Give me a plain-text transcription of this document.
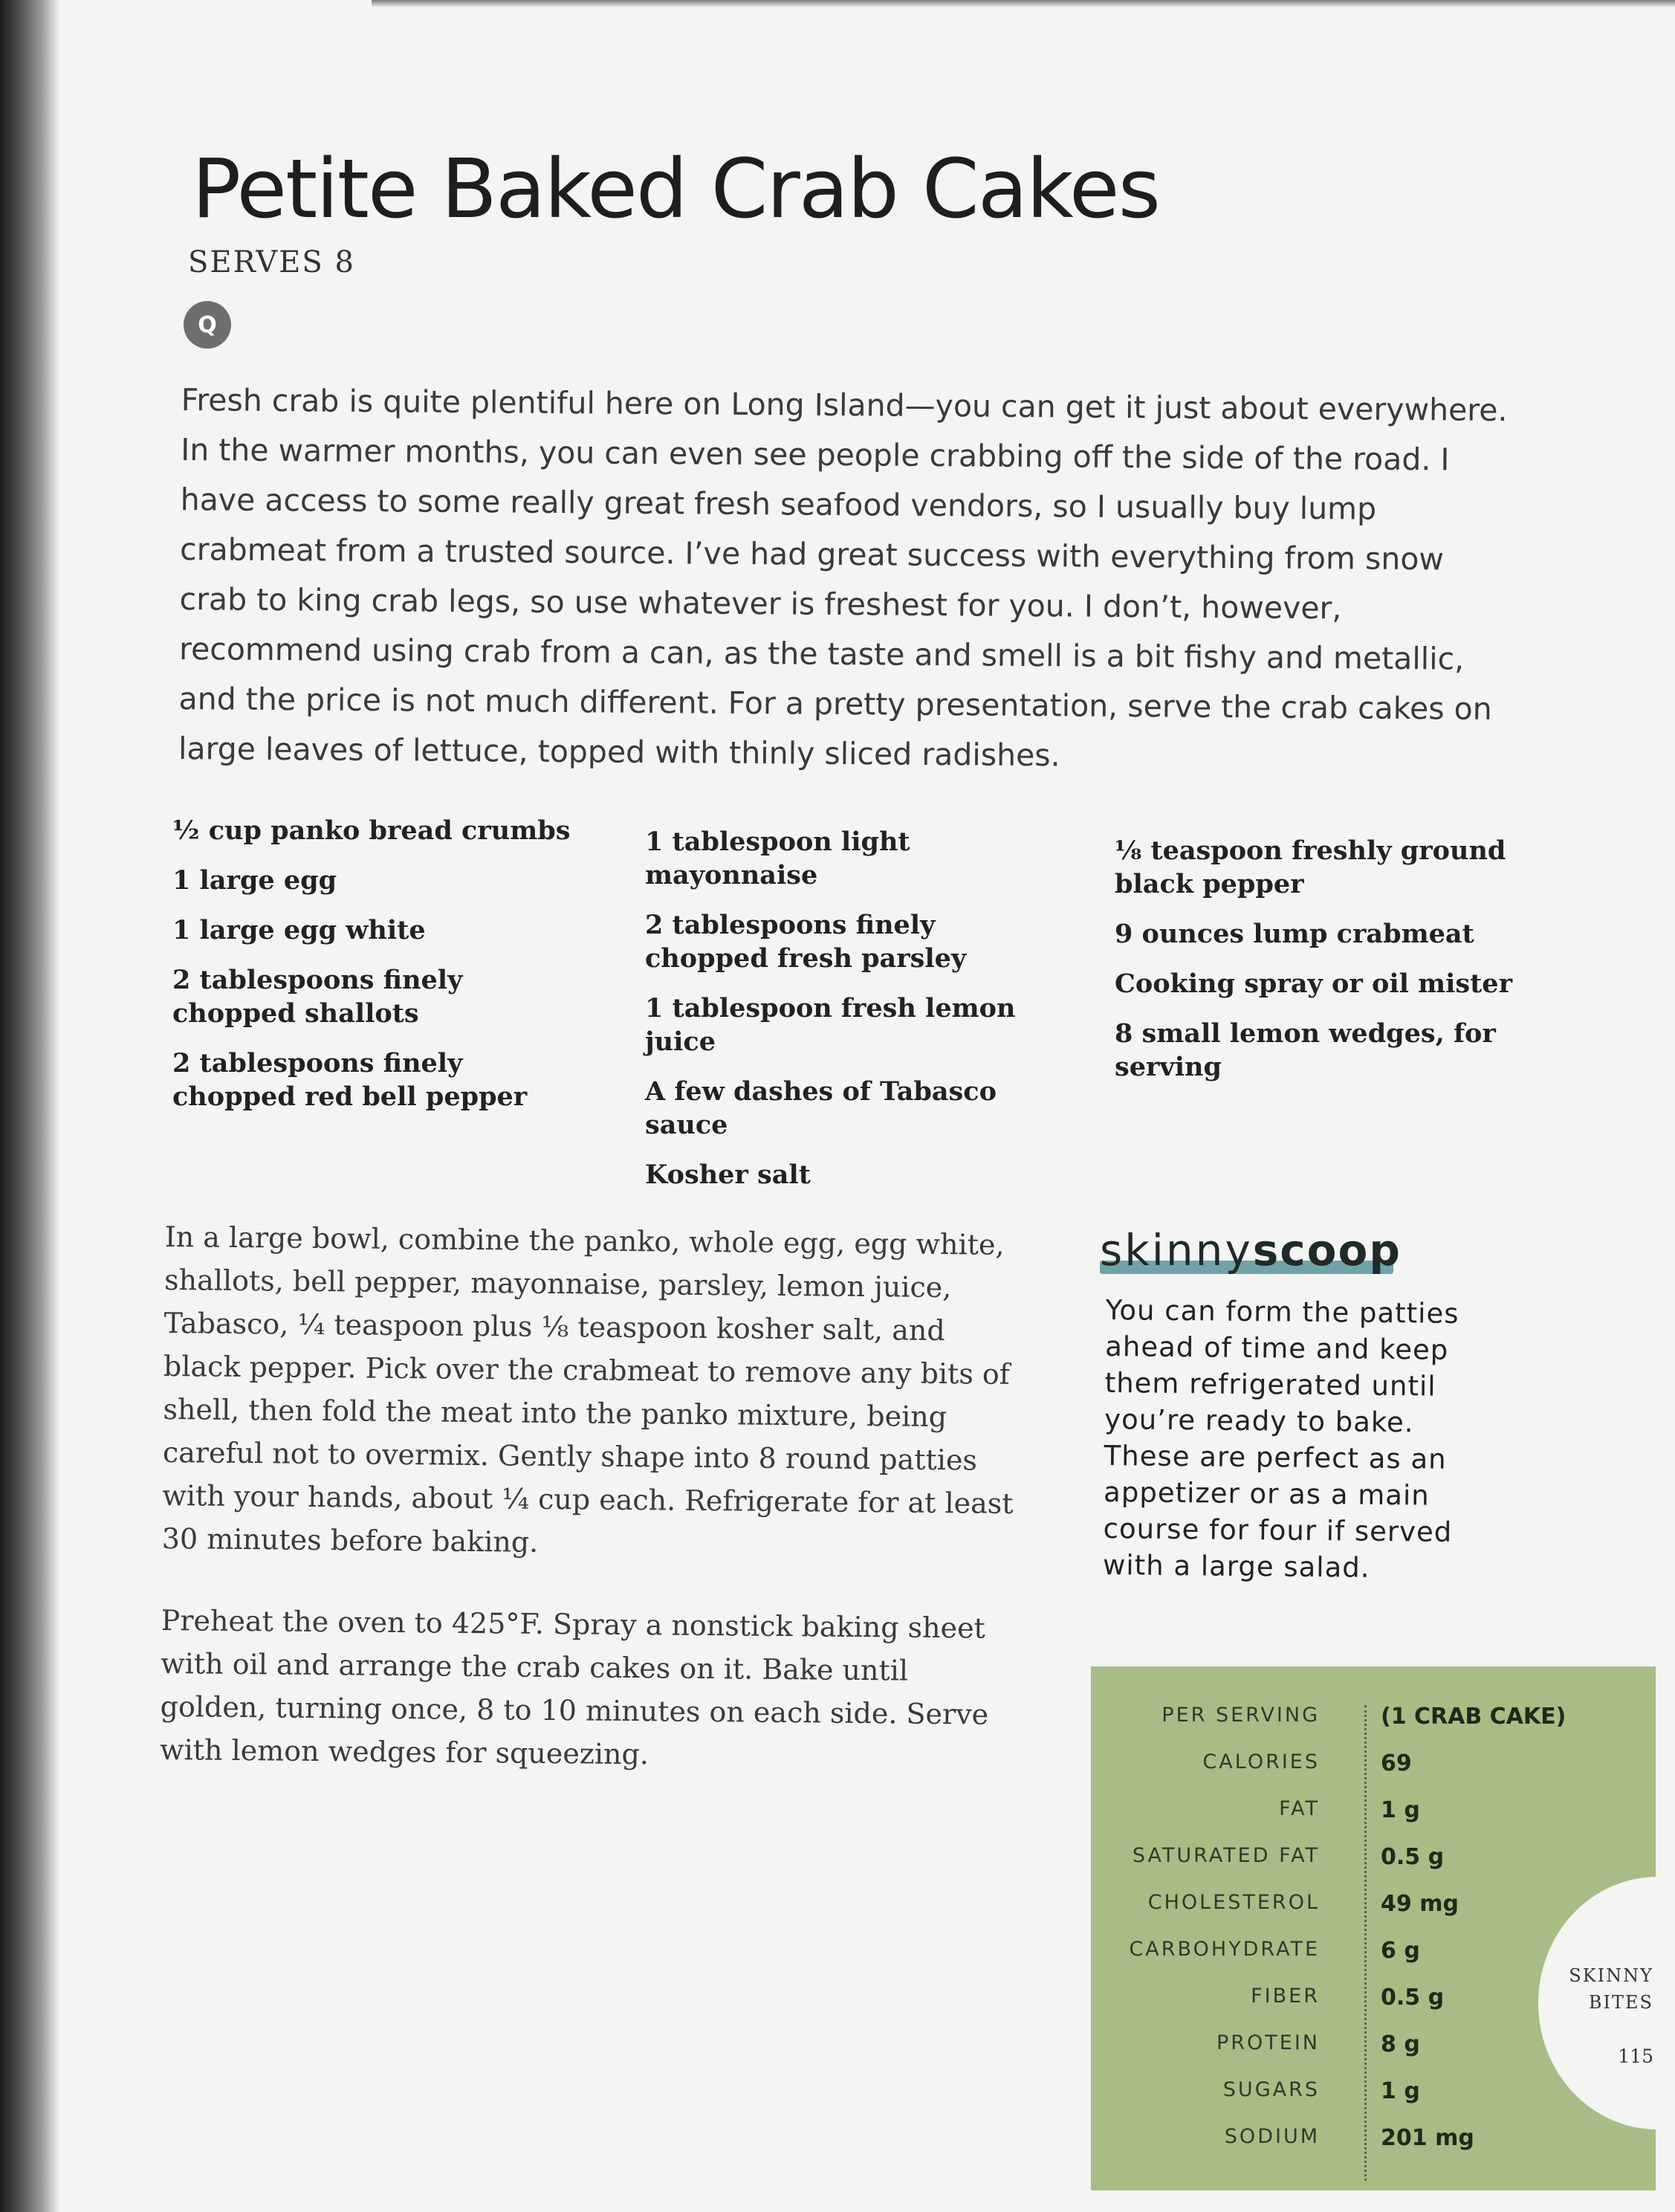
Petite Baked Crab Cakes
SERVES 8
Q

Fresh crab is quite plentiful here on Long Island—you can get it just about everywhere. In the warmer months, you can even see people crabbing off the side of the road. I have access to some really great fresh seafood vendors, so I usually buy lump crabmeat from a trusted source. I’ve had great success with everything from snow crab to king crab legs, so use whatever is freshest for you. I don’t, however, recommend using crab from a can, as the taste and smell is a bit fishy and metallic, and the price is not much different. For a pretty presentation, serve the crab cakes on large leaves of lettuce, topped with thinly sliced radishes.

½ cup panko bread crumbs
1 large egg
1 large egg white
2 tablespoons finely chopped shallots
2 tablespoons finely chopped red bell pepper
1 tablespoon light mayonnaise
2 tablespoons finely chopped fresh parsley
1 tablespoon fresh lemon juice
A few dashes of Tabasco sauce
Kosher salt
⅛ teaspoon freshly ground black pepper
9 ounces lump crabmeat
Cooking spray or oil mister
8 small lemon wedges, for serving

In a large bowl, combine the panko, whole egg, egg white, shallots, bell pepper, mayonnaise, parsley, lemon juice, Tabasco, ¼ teaspoon plus ⅛ teaspoon kosher salt, and black pepper. Pick over the crabmeat to remove any bits of shell, then fold the meat into the panko mixture, being careful not to overmix. Gently shape into 8 round patties with your hands, about ¼ cup each. Refrigerate for at least 30 minutes before baking.

Preheat the oven to 425°F. Spray a nonstick baking sheet with oil and arrange the crab cakes on it. Bake until golden, turning once, 8 to 10 minutes on each side. Serve with lemon wedges for squeezing.

skinnyscoop

You can form the patties ahead of time and keep them refrigerated until you’re ready to bake. These are perfect as an appetizer or as a main course for four if served with a large salad.

PER SERVING	(1 CRAB CAKE)
CALORIES	69
FAT	1 g
SATURATED FAT	0.5 g
CHOLESTEROL	49 mg
CARBOHYDRATE	6 g
FIBER	0.5 g
PROTEIN	8 g
SUGARS	1 g
SODIUM	201 mg
SKINNY
BITES
115
